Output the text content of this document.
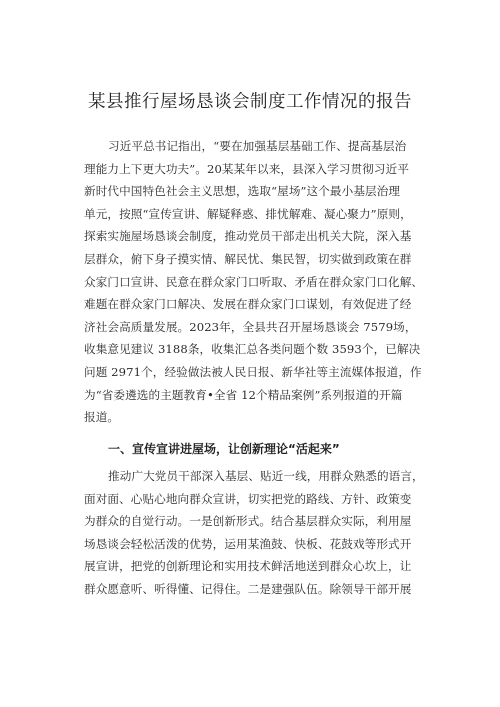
某县推行屋场恳谈会制度工作情况的报告
习近平总书记指出，“要在加强基层基础工作、提高基层治
理能力上下更大功夫”。20某某年以来，县深入学习贯彻习近平
新时代中国特色社会主义思想，选取“屋场”这个最小基层治理
单元，按照“宣传宣讲、解疑释惑、排忧解难、凝心聚力”原则，
探索实施屋场恳谈会制度，推动党员干部走出机关大院，深入基
层群众，俯下身子摸实情、解民忧、集民智，切实做到政策在群
众家门口宣讲、民意在群众家门口听取、矛盾在群众家门口化解、
难题在群众家门口解决、发展在群众家门口谋划，有效促进了经
济社会高质量发展。2023年，全县共召开屋场恳谈会 7579场，
收集意见建议 3188条，收集汇总各类问题个数 3593个，已解决
问题 2971个，经验做法被人民日报、新华社等主流媒体报道，作
为“省委遴选的主题教育•全省 12个精品案例”系列报道的开篇
报道。
一、宣传宣讲进屋场，让创新理论“活起来”
推动广大党员干部深入基层、贴近一线，用群众熟悉的语言，
面对面、心贴心地向群众宣讲，切实把党的路线、方针、政策变
为群众的自觉行动。一是创新形式。结合基层群众实际，利用屋
场恳谈会轻松活泼的优势，运用某渔鼓、快板、花鼓戏等形式开
展宣讲，把党的创新理论和实用技术鲜活地送到群众心坎上，让
群众愿意听、听得懂、记得住。二是建强队伍。除领导干部开展
